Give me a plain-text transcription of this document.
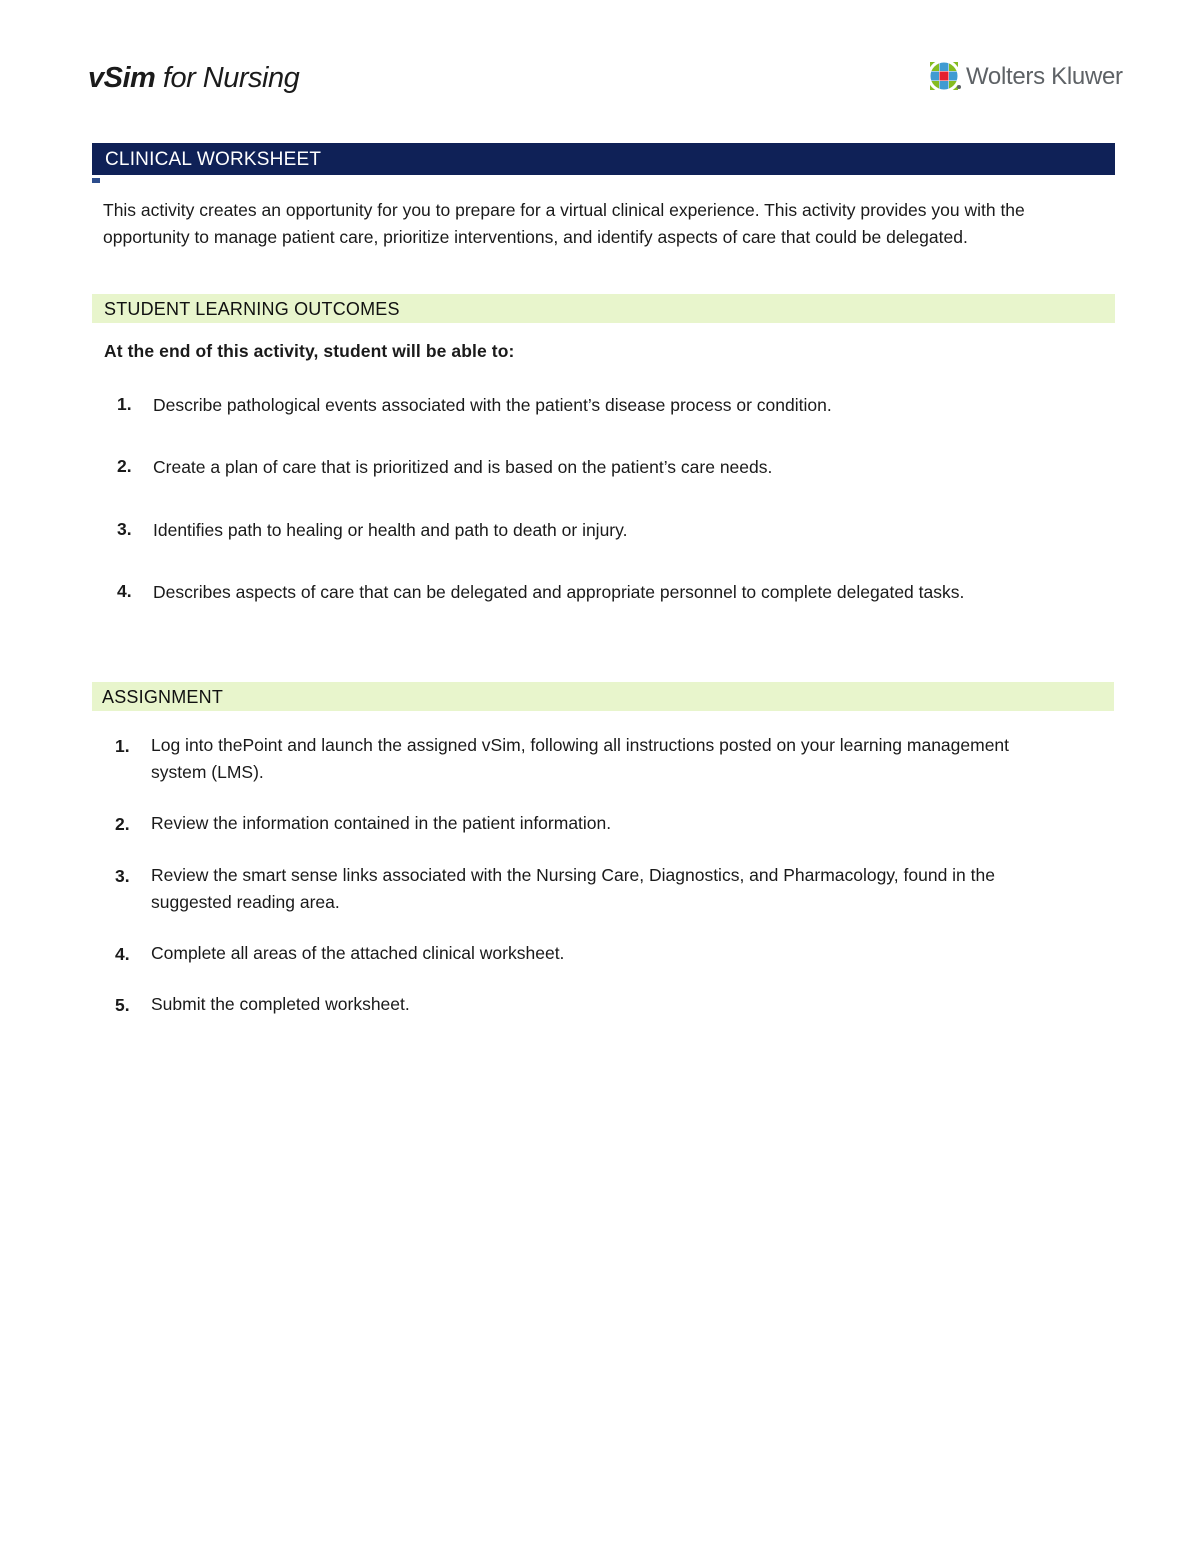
vSim for Nursing	Wolters Kluwer
CLINICAL WORKSHEET

This activity creates an opportunity for you to prepare for a virtual clinical experience. This activity provides you with the opportunity to manage patient care, prioritize interventions, and identify aspects of care that could be delegated.

STUDENT LEARNING OUTCOMES

At the end of this activity, student will be able to:

1. Describe pathological events associated with the patient’s disease process or condition.
2. Create a plan of care that is prioritized and is based on the patient’s care needs.
3. Identifies path to healing or health and path to death or injury.
4. Describes aspects of care that can be delegated and appropriate personnel to complete delegated tasks.
ASSIGNMENT
1. Log into thePoint and launch the assigned vSim, following all instructions posted on your learning management system (LMS).
2. Review the information contained in the patient information.
3. Review the smart sense links associated with the Nursing Care, Diagnostics, and Pharmacology, found in the suggested reading area.
4. Complete all areas of the attached clinical worksheet.
5. Submit the completed worksheet.
